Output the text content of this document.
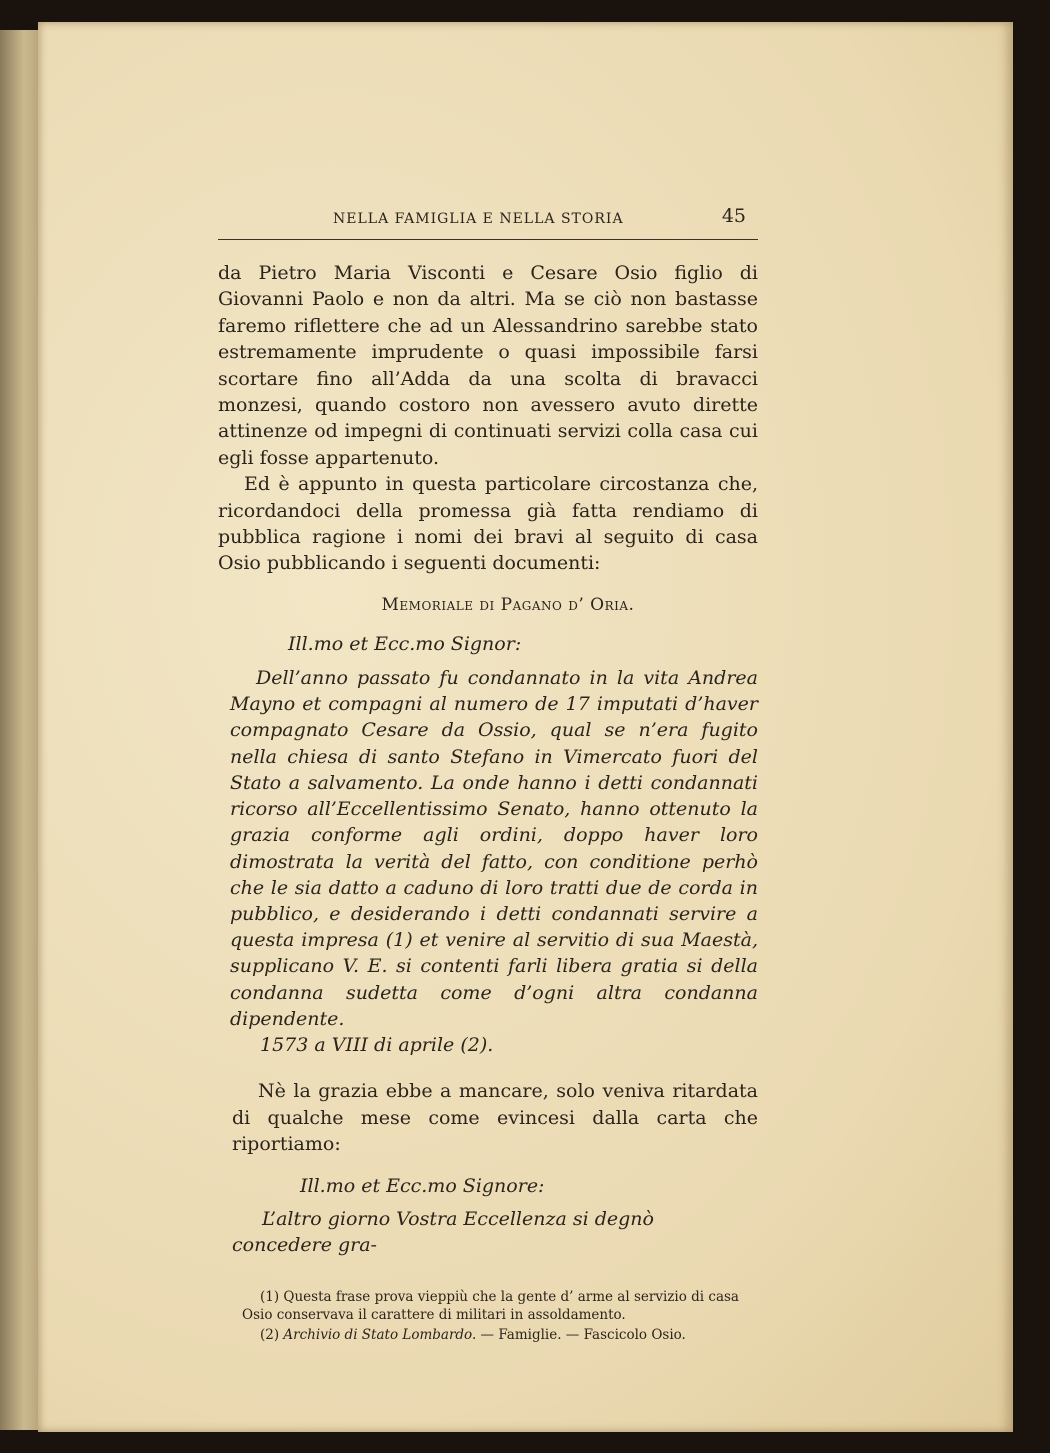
NELLA FAMIGLIA E NELLA STORIA	45

da Pietro Maria Visconti e Cesare Osio figlio di Giovanni Paolo e non da altri. Ma se ciò non bastasse faremo riflettere che ad un Alessandrino sarebbe stato estremamente imprudente o quasi impossibile farsi scortare fino all’Adda da una scolta di bravacci monzesi, quando costoro non avessero avuto dirette attinenze od impegni di continuati servizi colla casa cui egli fosse appartenuto.

Ed è appunto in questa particolare circostanza che, ricordandoci della promessa già fatta rendiamo di pubblica ragione i nomi dei bravi al seguito di casa Osio pubblicando i seguenti documenti:

Memoriale di Pagano d’ Oria.

Ill.mo et Ecc.mo Signor:

Dell’anno passato fu condannato in la vita Andrea Mayno et compagni al numero de 17 imputati d’haver compagnato Cesare da Ossio, qual se n’era fugito nella chiesa di santo Stefano in Vimercato fuori del Stato a salvamento. La onde hanno i detti condannati ricorso all’Eccellentissimo Senato, hanno ottenuto la grazia conforme agli ordini, doppo haver loro dimostrata la verità del fatto, con conditione perhò che le sia datto a caduno di loro tratti due de corda in pubblico, e desiderando i detti condannati servire a questa impresa (1) et venire al servitio di sua Maestà, supplicano V. E. si contenti farli libera gratia si della condanna sudetta come d’ogni altra condanna dipendente.

1573 a VIII di aprile (2).

Nè la grazia ebbe a mancare, solo veniva ritardata di qualche mese come evincesi dalla carta che riportiamo:

Ill.mo et Ecc.mo Signore:

L’altro giorno Vostra Eccellenza si degnò concedere gra-

(1) Questa frase prova vieppiù che la gente d’ arme al servizio di casa Osio conservava il carattere di militari in assoldamento.

(2) Archivio di Stato Lombardo. — Famiglie. — Fascicolo Osio.
